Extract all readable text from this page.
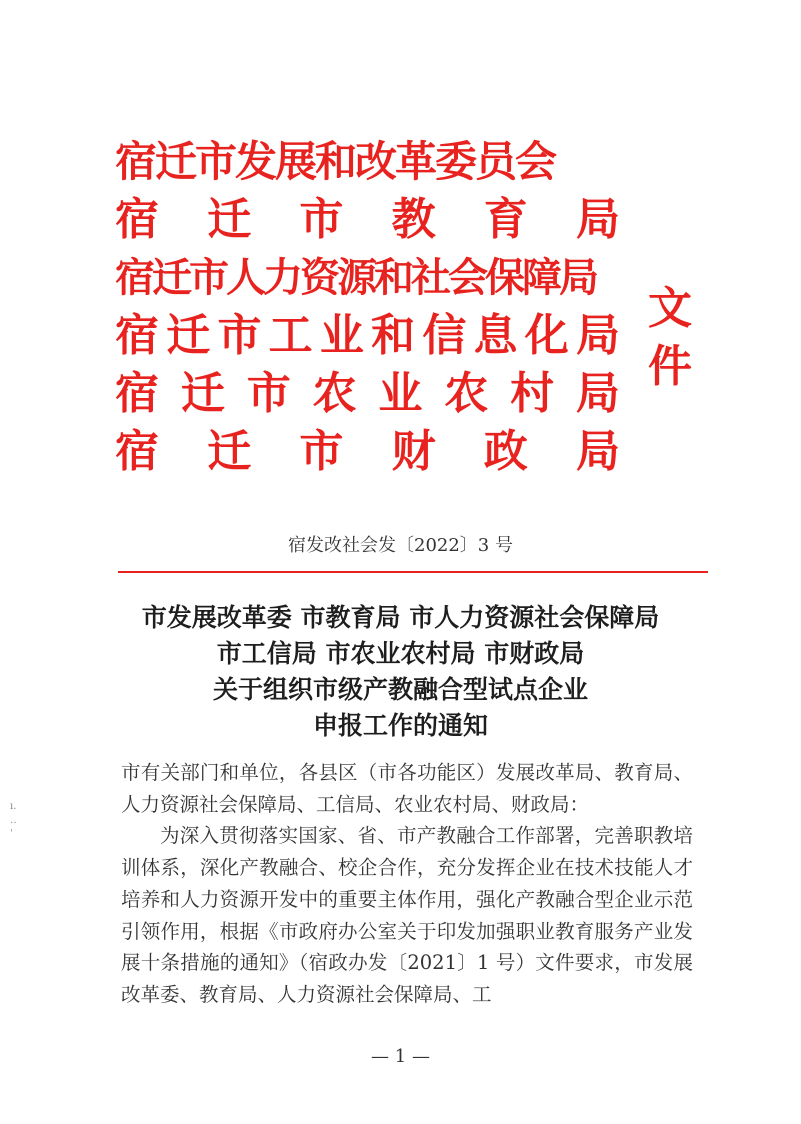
宿迁市发展和改革委员会
宿 迁 市 教 育 局
宿迁市人力资源和社会保障局
宿 迁 市 工 业 和 信 息 化 局
宿 迁 市 农 业 农 村 局
宿 迁 市 财 政 局
文
件
宿发改社会发〔2022〕3 号
市发展改革委 市教育局 市人力资源社会保障局
市工信局 市农业农村局 市财政局
关于组织市级产教融合型试点企业
申报工作的通知

市有关部门和单位，各县区（市各功能区）发展改革局、教育局、人力资源社会保障局、工信局、农业农村局、财政局：

为深入贯彻落实国家、省、市产教融合工作部署，完善职教培训体系，深化产教融合、校企合作，充分发挥企业在技术技能人才培养和人力资源开发中的重要主体作用，强化产教融合型企业示范引领作用，根据《市政府办公室关于印发加强职业教育服务产业发展十条措施的通知》（宿政办发〔2021〕1 号）文件要求，市发展改革委、教育局、人力资源社会保障局、工

— 1 —
ı.
‥
ˈ
